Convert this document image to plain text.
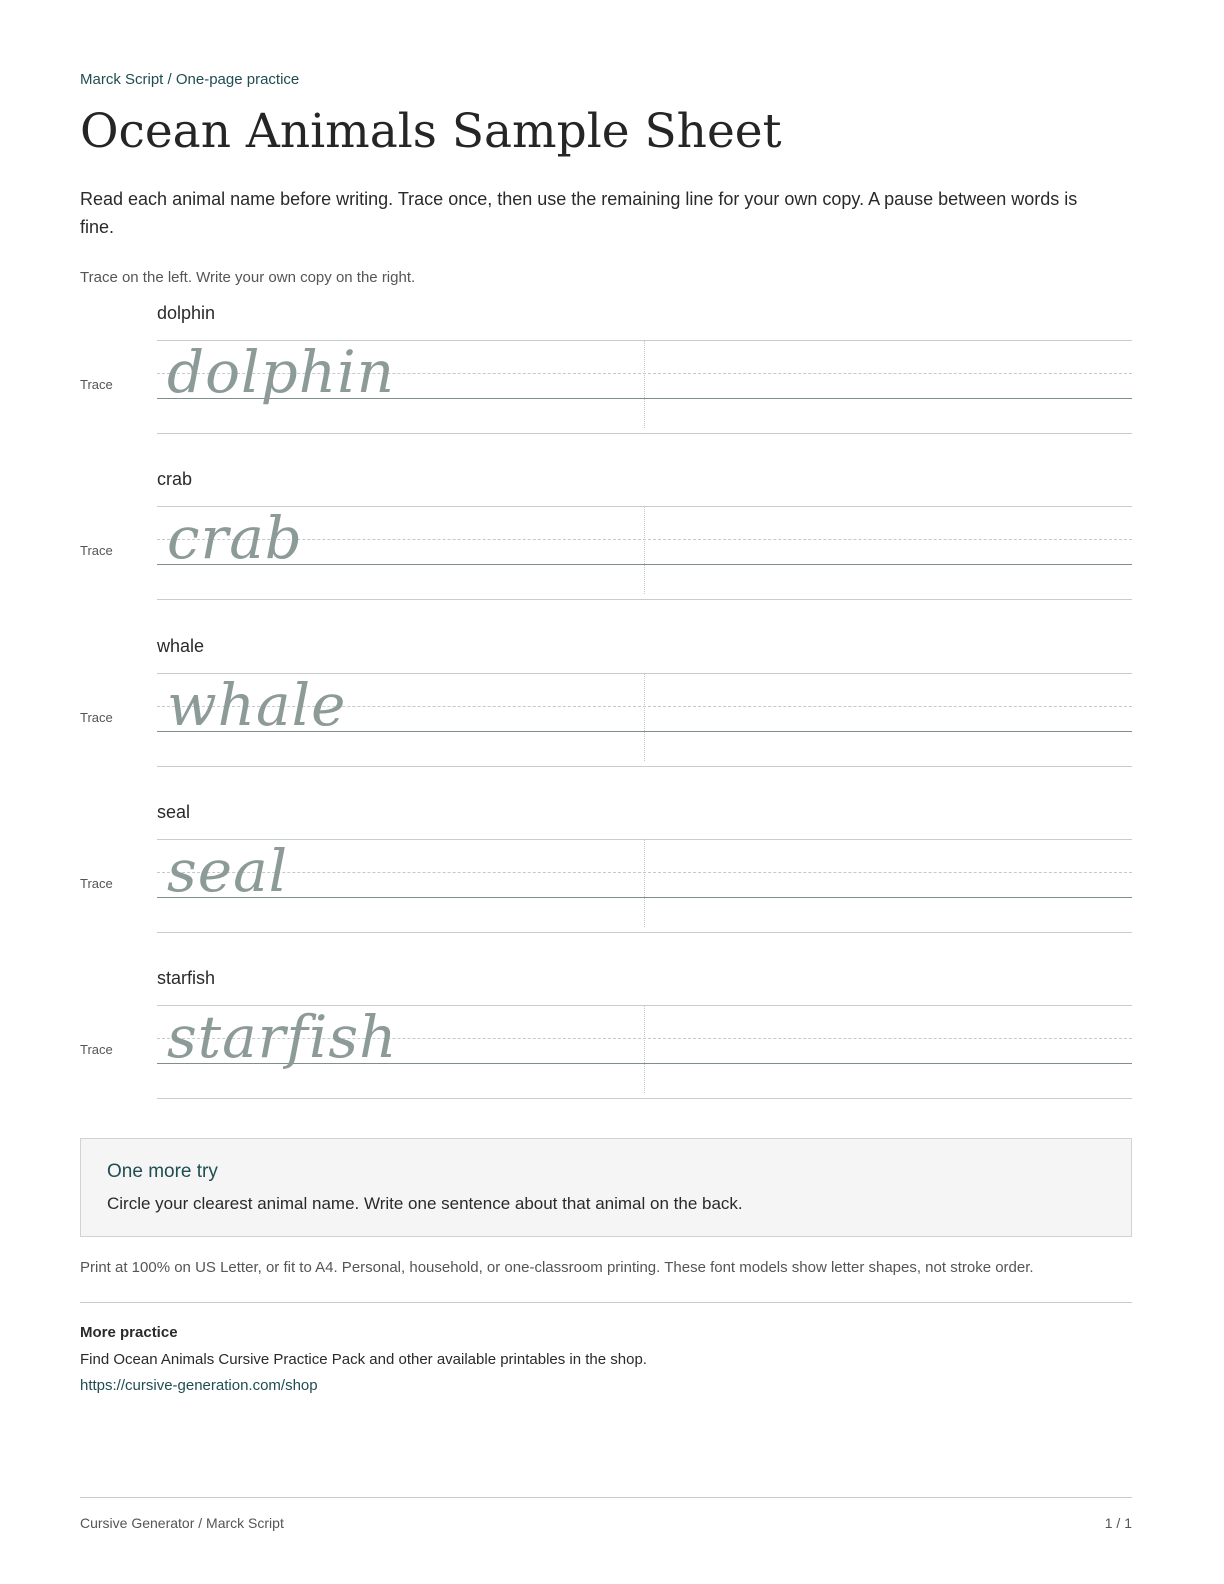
Marck Script / One-page practice
Ocean Animals Sample Sheet
Read each animal name before writing. Trace once, then use the remaining line for your own copy. A pause between words is fine.
Trace on the left. Write your own copy on the right.
dolphin
Trace dolphin
crab
Trace crab
whale
Trace whale
seal
Trace seal
starfish
Trace starfish
One more try
Circle your clearest animal name. Write one sentence about that animal on the back.
Print at 100% on US Letter, or fit to A4. Personal, household, or one-classroom printing. These font models show letter shapes, not stroke order.
More practice
Find Ocean Animals Cursive Practice Pack and other available printables in the shop.
https://cursive-generation.com/shop
Cursive Generator / Marck Script	1 / 1
